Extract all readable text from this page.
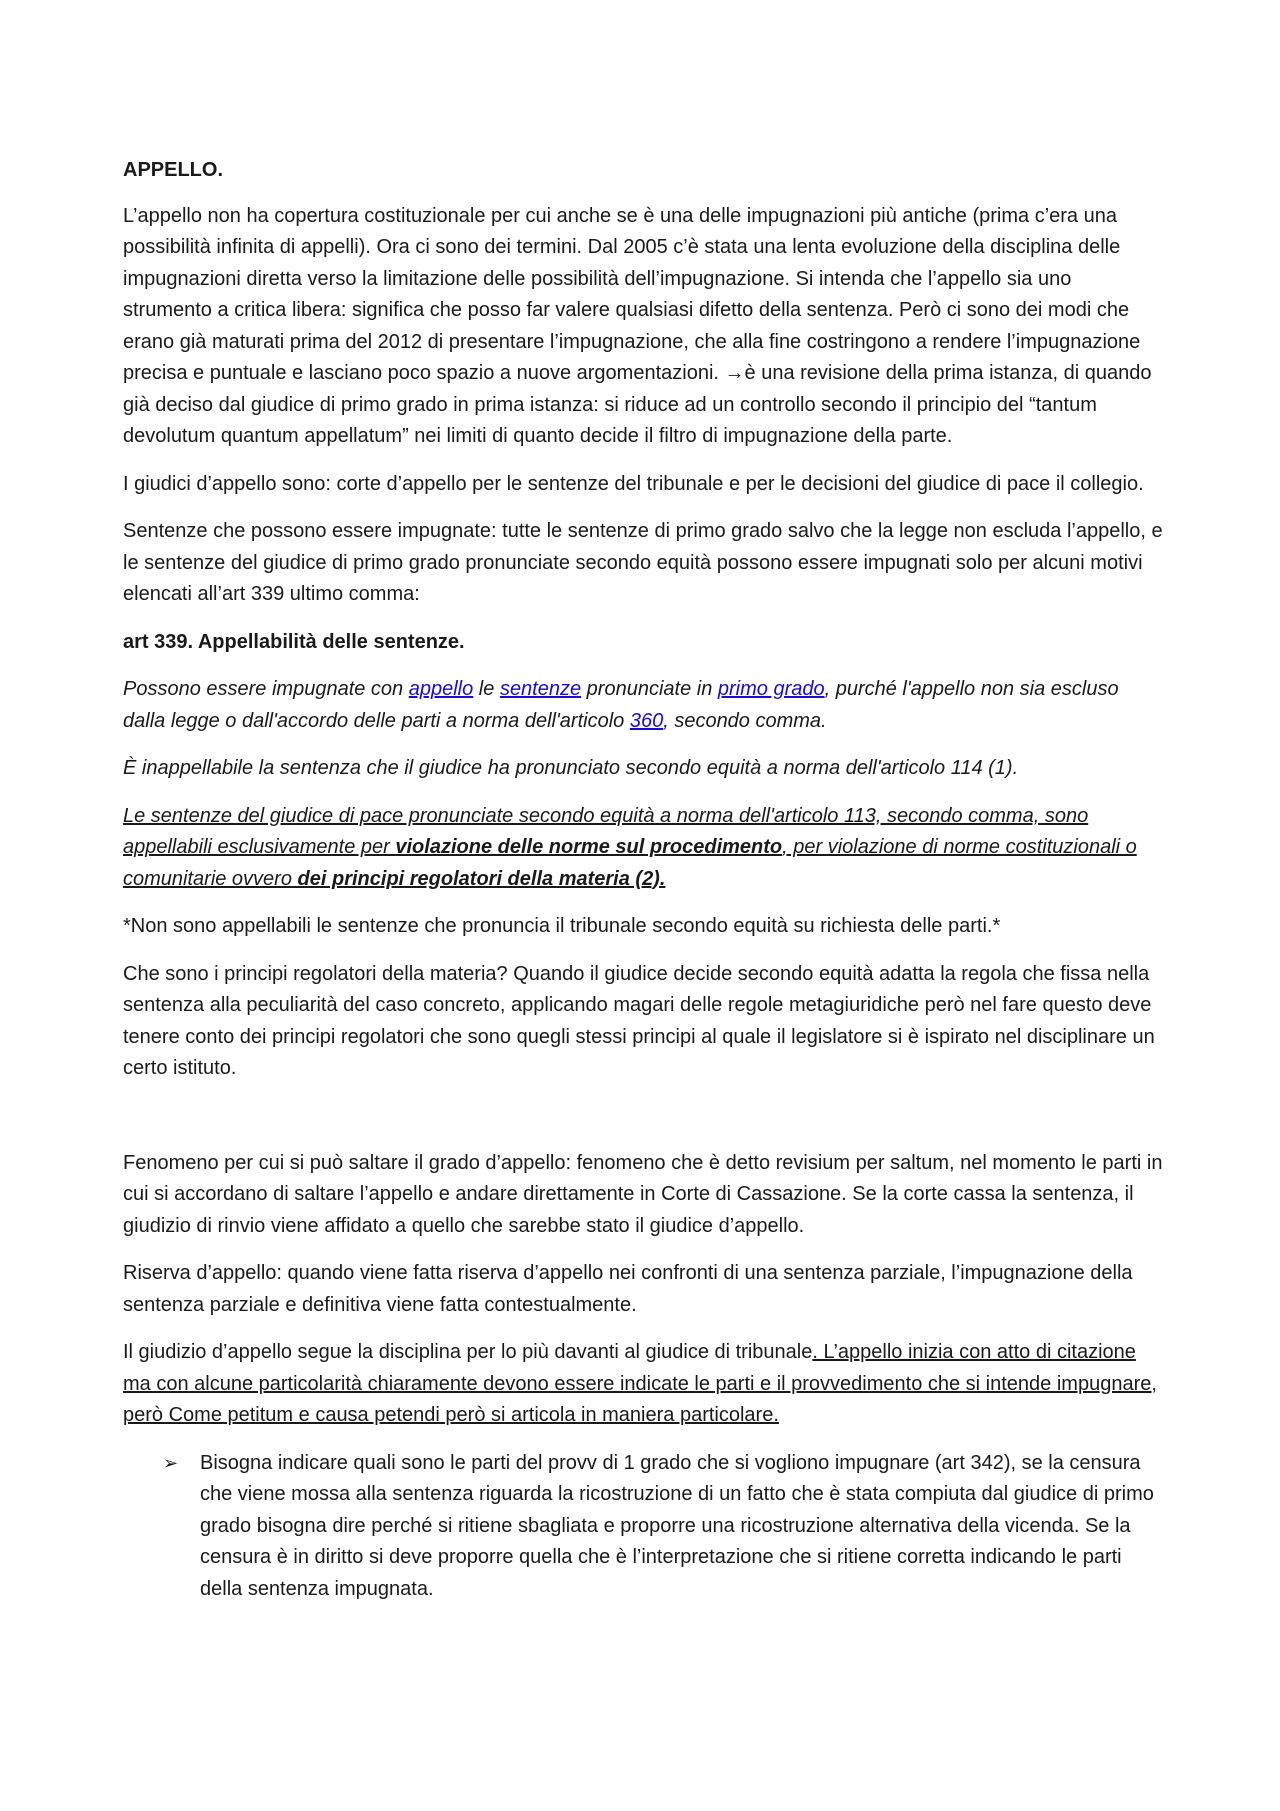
APPELLO.

L’appello non ha copertura costituzionale per cui anche se è una delle impugnazioni più antiche (prima c’era una possibilità infinita di appelli). Ora ci sono dei termini. Dal 2005 c’è stata una lenta evoluzione della disciplina delle impugnazioni diretta verso la limitazione delle possibilità dell’impugnazione. Si intenda che l’appello sia uno strumento a critica libera: significa che posso far valere qualsiasi difetto della sentenza. Però ci sono dei modi che erano già maturati prima del 2012 di presentare l’impugnazione, che alla fine costringono a rendere l’impugnazione precisa e puntuale e lasciano poco spazio a nuove argomentazioni. →è una revisione della prima istanza, di quando già deciso dal giudice di primo grado in prima istanza: si riduce ad un controllo secondo il principio del “tantum devolutum quantum appellatum” nei limiti di quanto decide il filtro di impugnazione della parte.

I giudici d’appello sono: corte d’appello per le sentenze del tribunale e per le decisioni del giudice di pace il collegio.

Sentenze che possono essere impugnate: tutte le sentenze di primo grado salvo che la legge non escluda l’appello, e le sentenze del giudice di primo grado pronunciate secondo equità possono essere impugnati solo per alcuni motivi elencati all’art 339 ultimo comma:

art 339. Appellabilità delle sentenze.

Possono essere impugnate con appello le sentenze pronunciate in primo grado, purché l'appello non sia escluso dalla legge o dall'accordo delle parti a norma dell'articolo 360, secondo comma.

È inappellabile la sentenza che il giudice ha pronunciato secondo equità a norma dell'articolo 114 (1).

Le sentenze del giudice di pace pronunciate secondo equità a norma dell'articolo 113, secondo comma, sono appellabili esclusivamente per violazione delle norme sul procedimento, per violazione di norme costituzionali o comunitarie ovvero dei principi regolatori della materia (2).

*Non sono appellabili le sentenze che pronuncia il tribunale secondo equità su richiesta delle parti.*

Che sono i principi regolatori della materia? Quando il giudice decide secondo equità adatta la regola che fissa nella sentenza alla peculiarità del caso concreto, applicando magari delle regole metagiuridiche però nel fare questo deve tenere conto dei principi regolatori che sono quegli stessi principi al quale il legislatore si è ispirato nel disciplinare un certo istituto.

Fenomeno per cui si può saltare il grado d’appello: fenomeno che è detto revisium per saltum, nel momento le parti in cui si accordano di saltare l’appello e andare direttamente in Corte di Cassazione. Se la corte cassa la sentenza, il giudizio di rinvio viene affidato a quello che sarebbe stato il giudice d’appello.

Riserva d’appello: quando viene fatta riserva d’appello nei confronti di una sentenza parziale, l’impugnazione della sentenza parziale e definitiva viene fatta contestualmente.

Il giudizio d’appello segue la disciplina per lo più davanti al giudice di tribunale. L’appello inizia con atto di citazione ma con alcune particolarità chiaramente devono essere indicate le parti e il provvedimento che si intende impugnare, però Come petitum e causa petendi però si articola in maniera particolare.

➢ Bisogna indicare quali sono le parti del provv di 1 grado che si vogliono impugnare (art 342), se la censura che viene mossa alla sentenza riguarda la ricostruzione di un fatto che è stata compiuta dal giudice di primo grado bisogna dire perché si ritiene sbagliata e proporre una ricostruzione alternativa della vicenda. Se la censura è in diritto si deve proporre quella che è l’interpretazione che si ritiene corretta indicando le parti della sentenza impugnata.
